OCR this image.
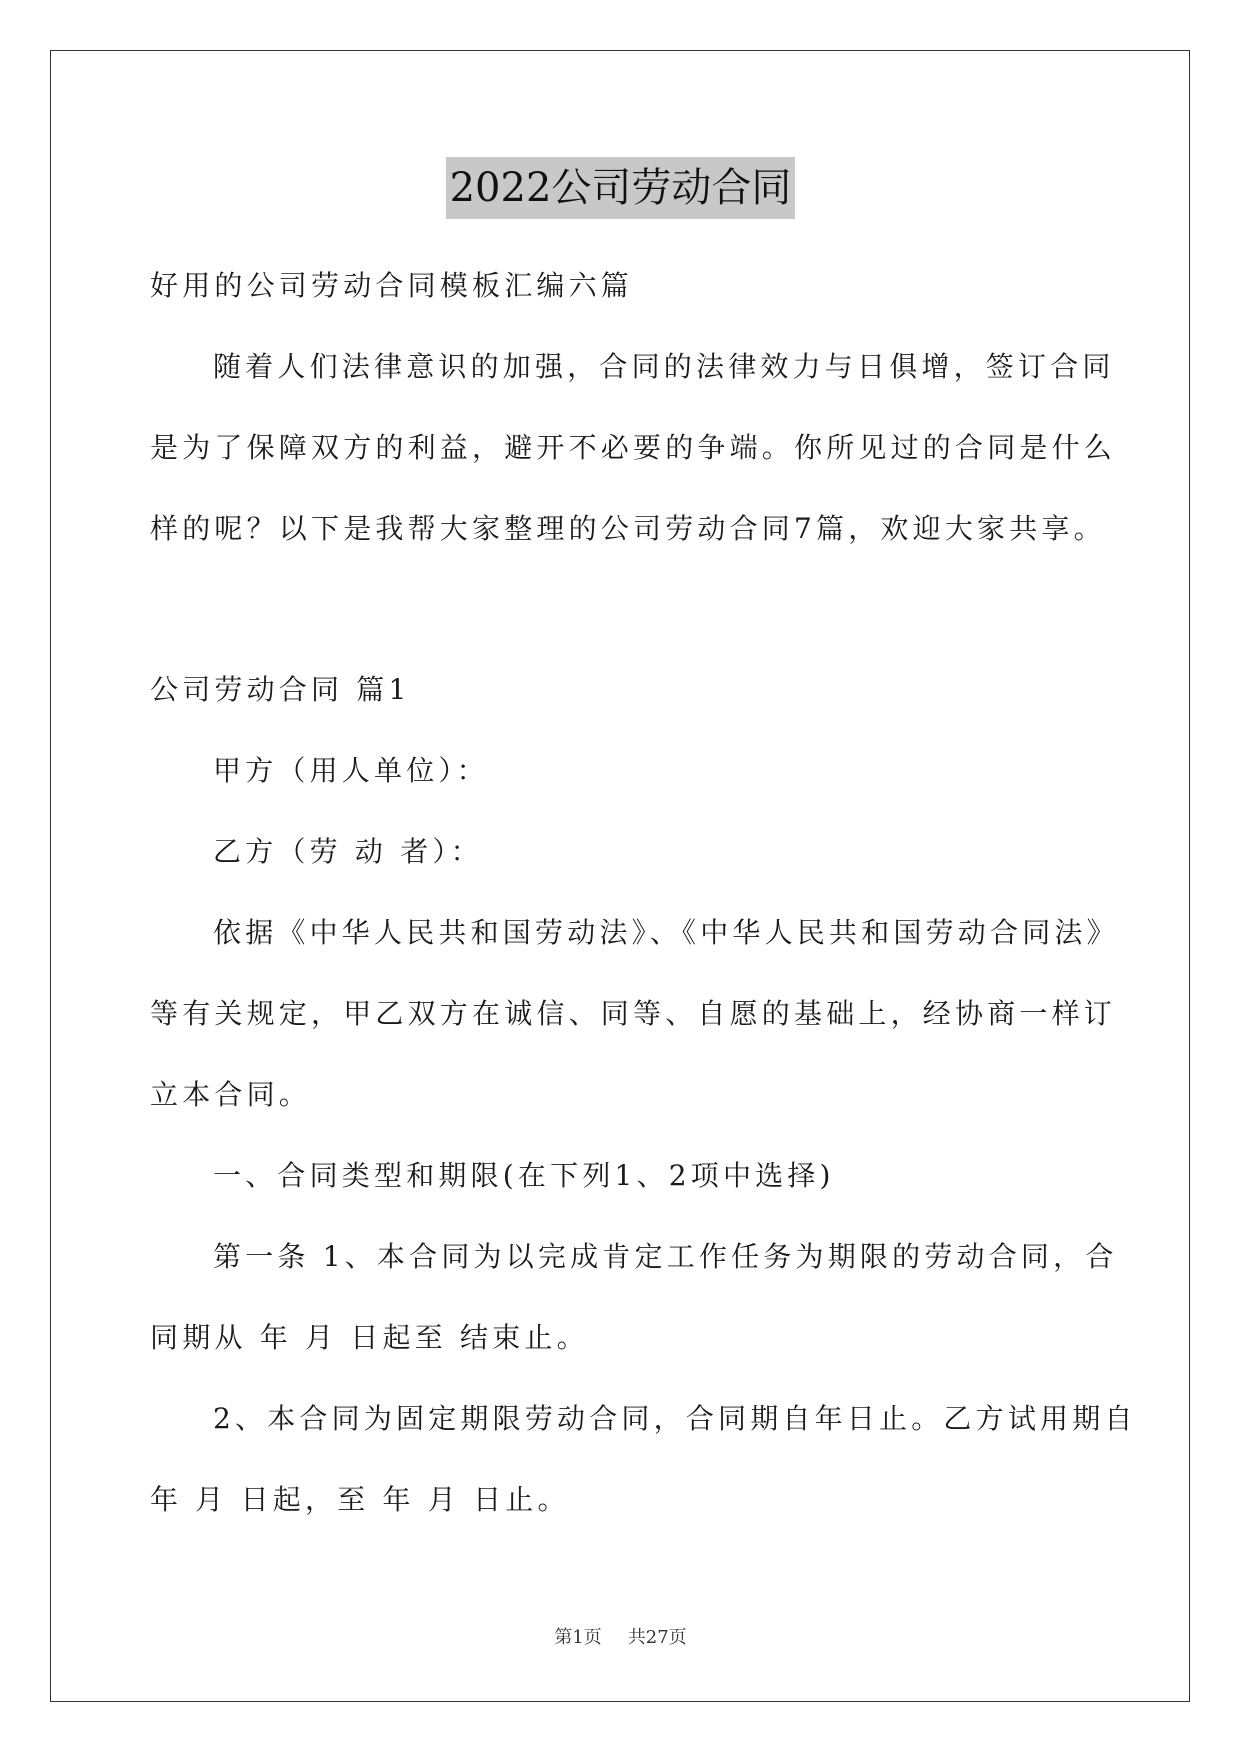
2022公司劳动合同
好用的公司劳动合同模板汇编六篇
随着人们法律意识的加强，合同的法律效力与日俱增，签订合同
是为了保障双方的利益，避开不必要的争端。你所见过的合同是什么
样的呢？以下是我帮大家整理的公司劳动合同7篇，欢迎大家共享。
公司劳动合同 篇1
甲方（用人单位）：
乙方（劳 动 者）：
依据《中华人民共和国劳动法》、《中华人民共和国劳动合同法》
等有关规定，甲乙双方在诚信、同等、自愿的基础上，经协商一样订
立本合同。
一、合同类型和期限(在下列1、2项中选择)
第一条 1、本合同为以完成肯定工作任务为期限的劳动合同，合
同期从 年 月 日起至 结束止。
2、本合同为固定期限劳动合同，合同期自年日止。乙方试用期自
年 月 日起，至 年 月 日止。
第1页 共27页
